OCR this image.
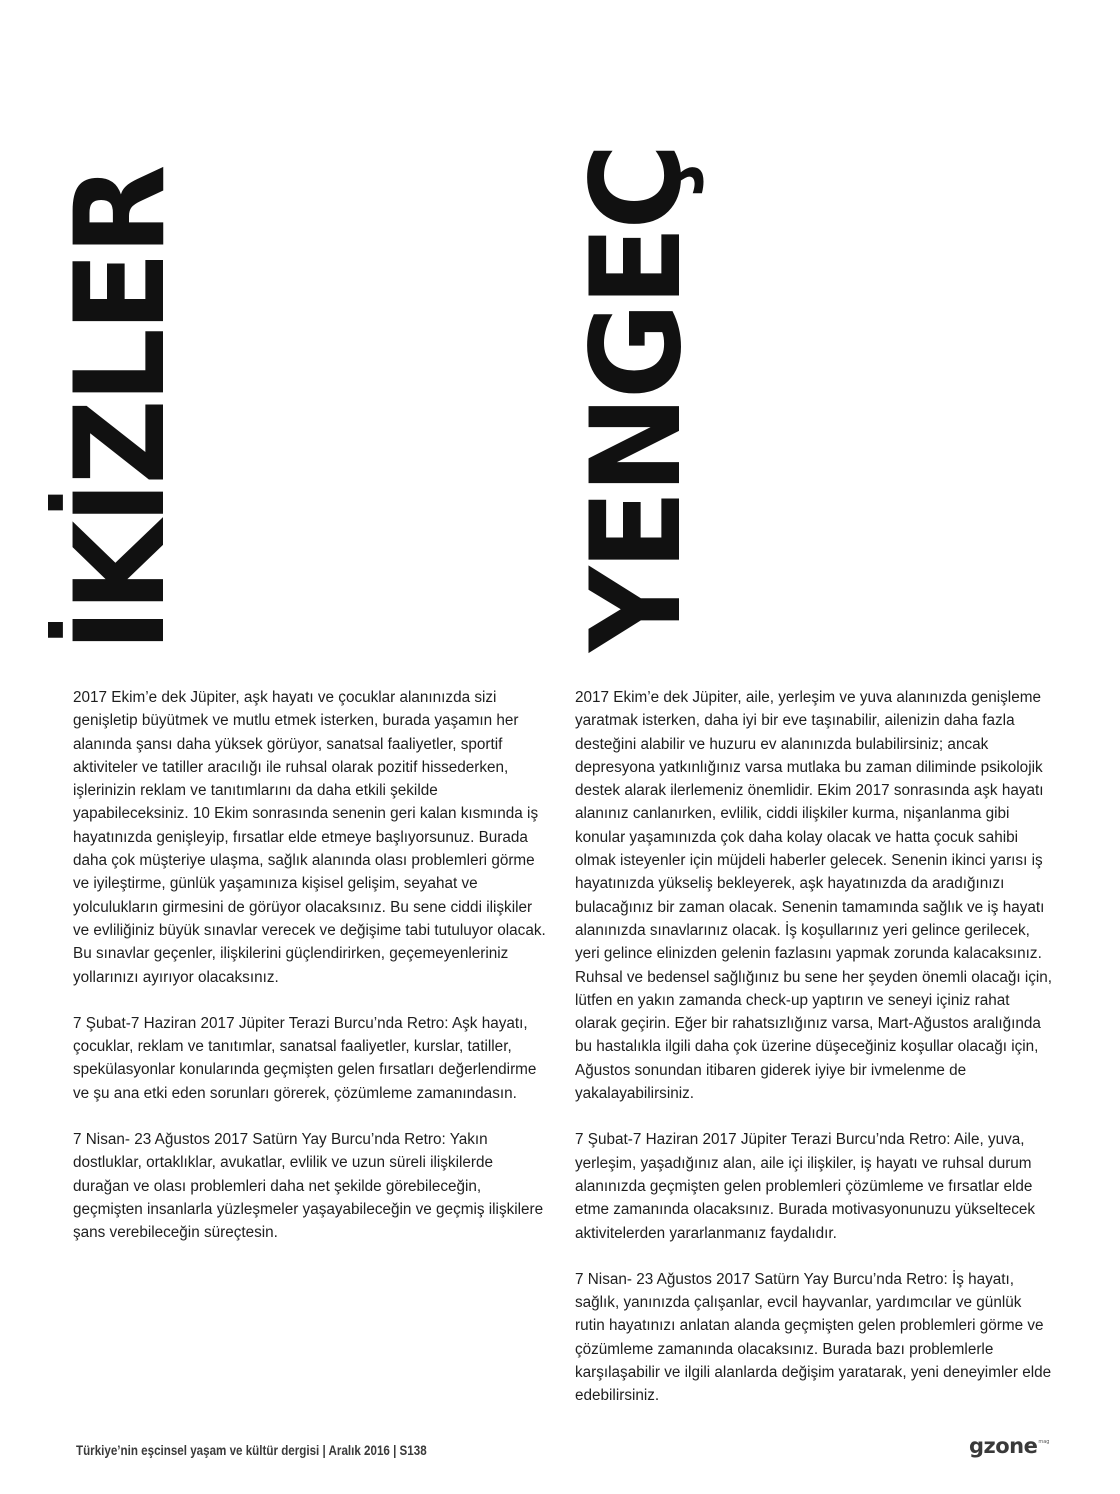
İKİZLER	YENGEÇ

2017 Ekim’e dek Jüpiter, aşk hayatı ve çocuklar alanınızda sizi genişletip büyütmek ve mutlu etmek isterken, burada yaşamın her alanında şansı daha yüksek görüyor, sanatsal faaliyetler, sportif aktiviteler ve tatiller aracılığı ile ruhsal olarak pozitif hissederken, işlerinizin reklam ve tanıtımlarını da daha etkili şekilde yapabileceksiniz. 10 Ekim sonrasında senenin geri kalan kısmında iş hayatınızda genişleyip, fırsatlar elde etmeye başlıyorsunuz. Burada daha çok müşteriye ulaşma, sağlık alanında olası problemleri görme ve iyileştirme, günlük yaşamınıza kişisel gelişim, seyahat ve yolculukların girmesini de görüyor olacaksınız. Bu sene ciddi ilişkiler ve evliliğiniz büyük sınavlar verecek ve değişime tabi tutuluyor olacak. Bu sınavlar geçenler, ilişkilerini güçlendirirken, geçemeyenleriniz yollarınızı ayırıyor olacaksınız.

7 Şubat-7 Haziran 2017 Jüpiter Terazi Burcu’nda Retro: Aşk hayatı, çocuklar, reklam ve tanıtımlar, sanatsal faaliyetler, kurslar, tatiller, spekülasyonlar konularında geçmişten gelen fırsatları değerlendirme ve şu ana etki eden sorunları görerek, çözümleme zamanındasın.

7 Nisan- 23 Ağustos 2017 Satürn Yay Burcu’nda Retro: Yakın dostluklar, ortaklıklar, avukatlar, evlilik ve uzun süreli ilişkilerde durağan ve olası problemleri daha net şekilde görebileceğin, geçmişten insanlarla yüzleşmeler yaşayabileceğin ve geçmiş ilişkilere şans verebileceğin süreçtesin.

2017 Ekim’e dek Jüpiter, aile, yerleşim ve yuva alanınızda genişleme yaratmak isterken, daha iyi bir eve taşınabilir, ailenizin daha fazla desteğini alabilir ve huzuru ev alanınızda bulabilirsiniz; ancak depresyona yatkınlığınız varsa mutlaka bu zaman diliminde psikolojik destek alarak ilerlemeniz önemlidir. Ekim 2017 sonrasında aşk hayatı alanınız canlanırken, evlilik, ciddi ilişkiler kurma, nişanlanma gibi konular yaşamınızda çok daha kolay olacak ve hatta çocuk sahibi olmak isteyenler için müjdeli haberler gelecek. Senenin ikinci yarısı iş hayatınızda yükseliş bekleyerek, aşk hayatınızda da aradığınızı bulacağınız bir zaman olacak. Senenin tamamında sağlık ve iş hayatı alanınızda sınavlarınız olacak. İş koşullarınız yeri gelince gerilecek, yeri gelince elinizden gelenin fazlasını yapmak zorunda kalacaksınız. Ruhsal ve bedensel sağlığınız bu sene her şeyden önemli olacağı için, lütfen en yakın zamanda check-up yaptırın ve seneyi içiniz rahat olarak geçirin. Eğer bir rahatsızlığınız varsa, Mart-Ağustos aralığında bu hastalıkla ilgili daha çok üzerine düşeceğiniz koşullar olacağı için, Ağustos sonundan itibaren giderek iyiye bir ivmelenme de yakalayabilirsiniz.

7 Şubat-7 Haziran 2017 Jüpiter Terazi Burcu’nda Retro: Aile, yuva, yerleşim, yaşadığınız alan, aile içi ilişkiler, iş hayatı ve ruhsal durum alanınızda geçmişten gelen problemleri çözümleme ve fırsatlar elde etme zamanında olacaksınız. Burada motivasyonunuzu yükseltecek aktivitelerden yararlanmanız faydalıdır.

7 Nisan- 23 Ağustos 2017 Satürn Yay Burcu’nda Retro: İş hayatı, sağlık, yanınızda çalışanlar, evcil hayvanlar, yardımcılar ve günlük rutin hayatınızı anlatan alanda geçmişten gelen problemleri görme ve çözümleme zamanında olacaksınız. Burada bazı problemlerle karşılaşabilir ve ilgili alanlarda değişim yaratarak, yeni deneyimler elde edebilirsiniz.

Türkiye’nin eşcinsel yaşam ve kültür dergisi | Aralık 2016 | S138	gzone mag
